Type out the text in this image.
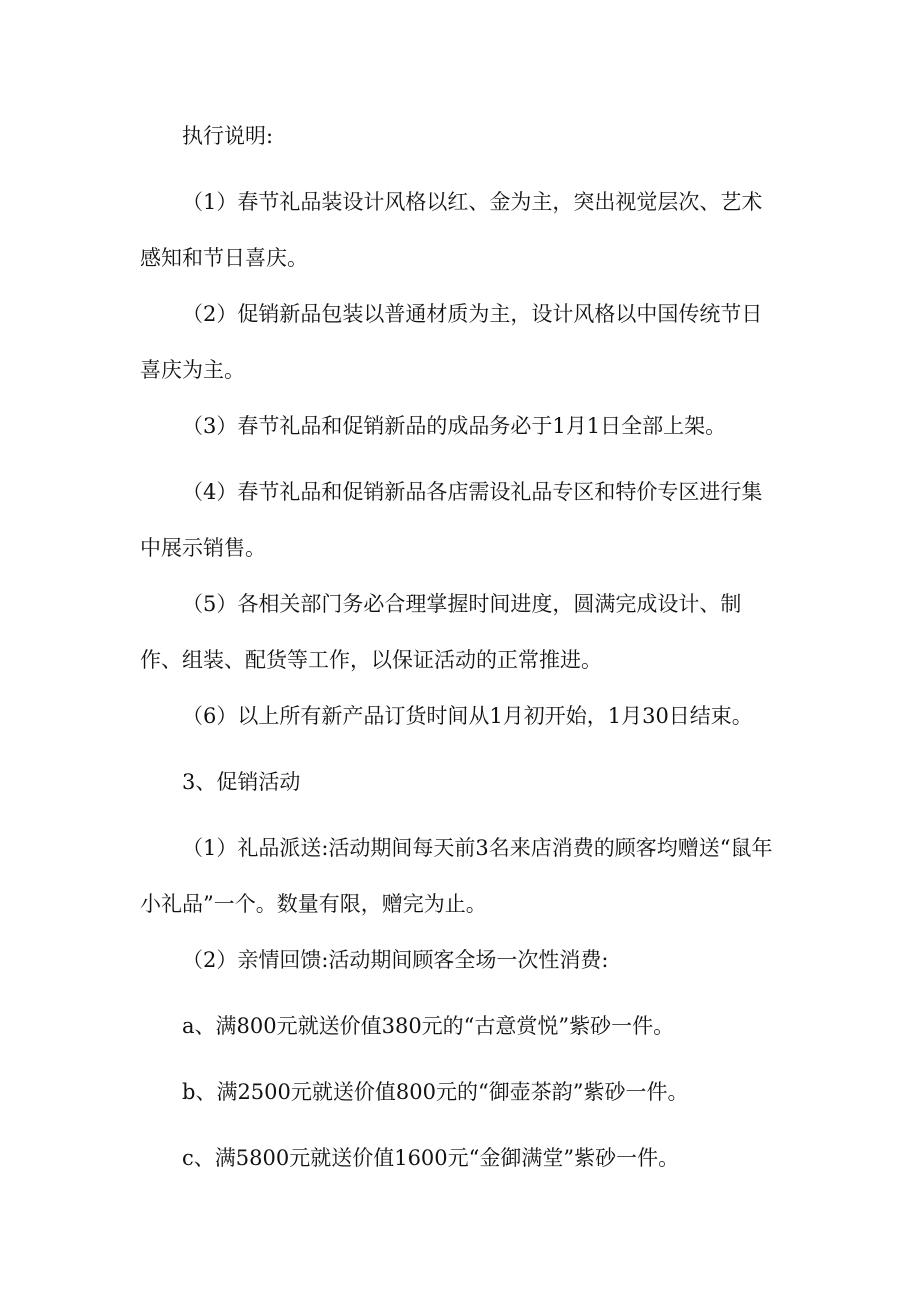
执行说明:

（1）春节礼品装设计风格以红、金为主，突出视觉层次、艺术感知和节日喜庆。

（2）促销新品包装以普通材质为主，设计风格以中国传统节日喜庆为主。

（3）春节礼品和促销新品的成品务必于1月1日全部上架。

（4）春节礼品和促销新品各店需设礼品专区和特价专区进行集中展示销售。

（5）各相关部门务必合理掌握时间进度，圆满完成设计、制作、组装、配货等工作，以保证活动的正常推进。

（6）以上所有新产品订货时间从1月初开始，1月30日结束。

3、促销活动

（1）礼品派送:活动期间每天前3名来店消费的顾客均赠送“鼠年小礼品”一个。数量有限，赠完为止。

（2）亲情回馈:活动期间顾客全场一次性消费:

a、满800元就送价值380元的“古意赏悦”紫砂一件。

b、满2500元就送价值800元的“御壶茶韵”紫砂一件。

c、满5800元就送价值1600元“金御满堂”紫砂一件。
